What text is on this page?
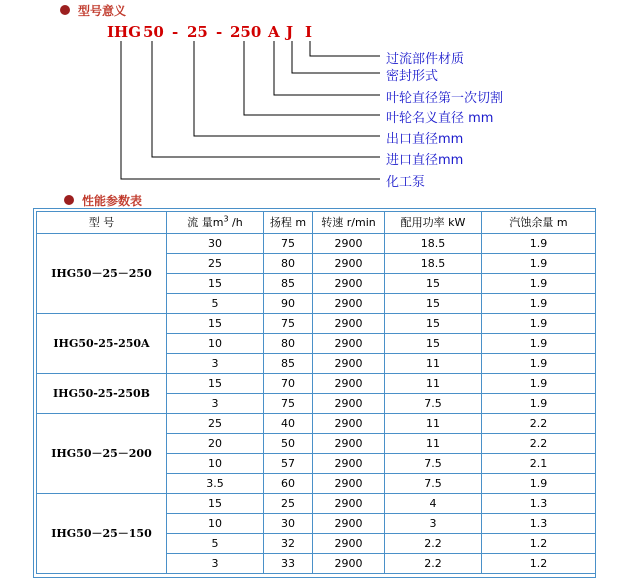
型号意义
IHG 50 - 25 - 250 A J I
过流部件材质
密封形式
叶轮直径第一次切割
叶轮名义直径 mm
出口直径mm
进口直径mm
化工泵
性能参数表
型 号	流 量$m^3$ /h	扬程 m	转速 r/min	配用功率 kW	汽蚀余量 m
IHG50－25－250	30	75	2900	18.5	1.9
	25	80	2900	18.5	1.9
	15	85	2900	15	1.9
	5	90	2900	15	1.9
IHG50-25-250A	15	75	2900	15	1.9
	10	80	2900	15	1.9
	3	85	2900	11	1.9
IHG50-25-250B	15	70	2900	11	1.9
	3	75	2900	7.5	1.9
IHG50－25－200	25	40	2900	11	2.2
	20	50	2900	11	2.2
	10	57	2900	7.5	2.1
	3.5	60	2900	7.5	1.9
IHG50－25－150	15	25	2900	4	1.3
	10	30	2900	3	1.3
	5	32	2900	2.2	1.2
	3	33	2900	2.2	1.2
